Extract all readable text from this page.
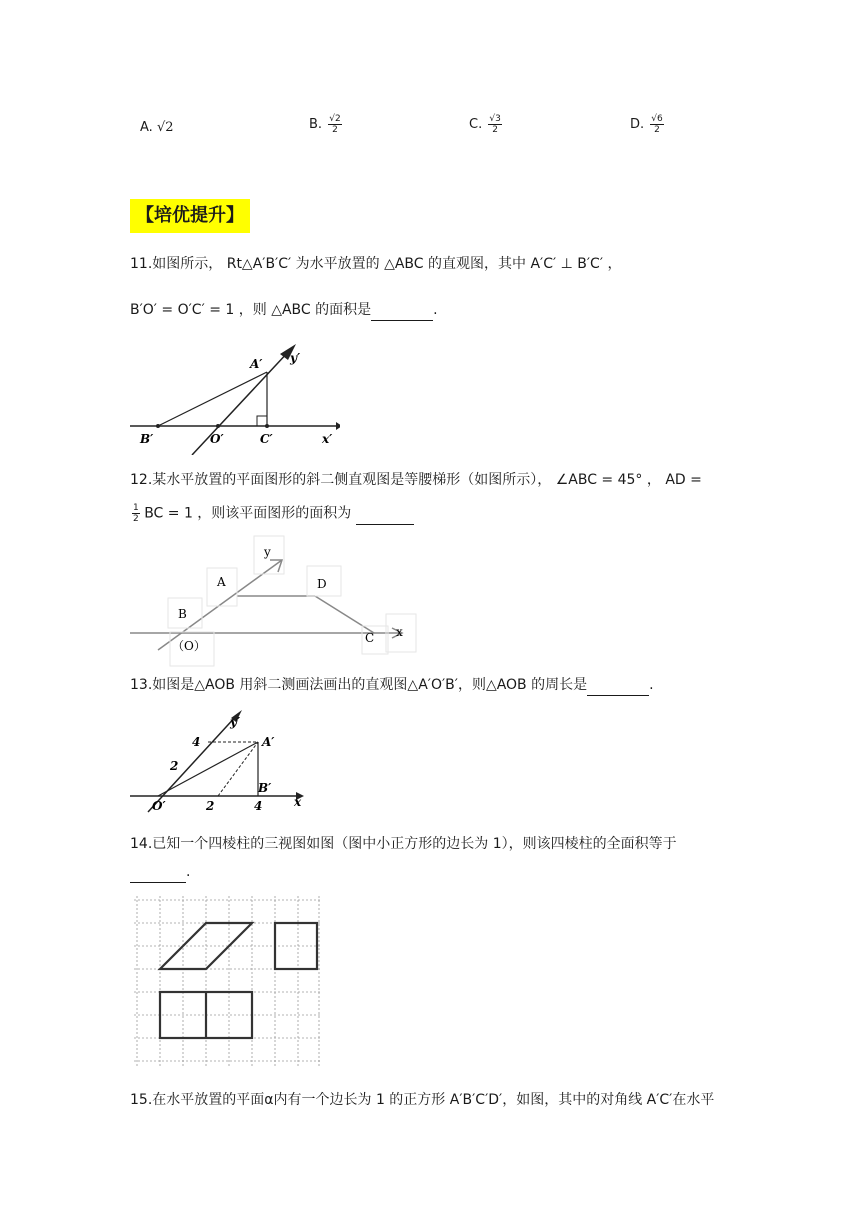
A. √2	B. $\frac{√2}{2}$	C. $\frac{√3}{2}$	D. $\frac{√6}{2}$
【培优提升】
11.如图所示， Rt△A′B′C′ 为水平放置的 △ABC 的直观图，其中 A′C′ ⊥ B′C′ ，
B′O′ = O′C′ = 1 ，则 △ABC 的面积是	.
A′ y′
B′	O′	C′	x′
12.某水平放置的平面图形的斜二侧直观图是等腰梯形（如图所示）， ∠ABC = 45° ， AD =
$\frac{1}{2}$ BC = 1 ，则该平面图形的面积为
y
A	D
B
（O）
C x
13.如图是△AOB 用斜二测画法画出的直观图△A′O′B′，则△AOB 的周长是	.
y′
4	A′
2
B′
O′	2	4	x
14.已知一个四棱柱的三视图如图（图中小正方形的边长为 1），则该四棱柱的全面积等于
.
15.在水平放置的平面α内有一个边长为 1 的正方形 A′B′C′D′，如图，其中的对角线 A′C′在水平
